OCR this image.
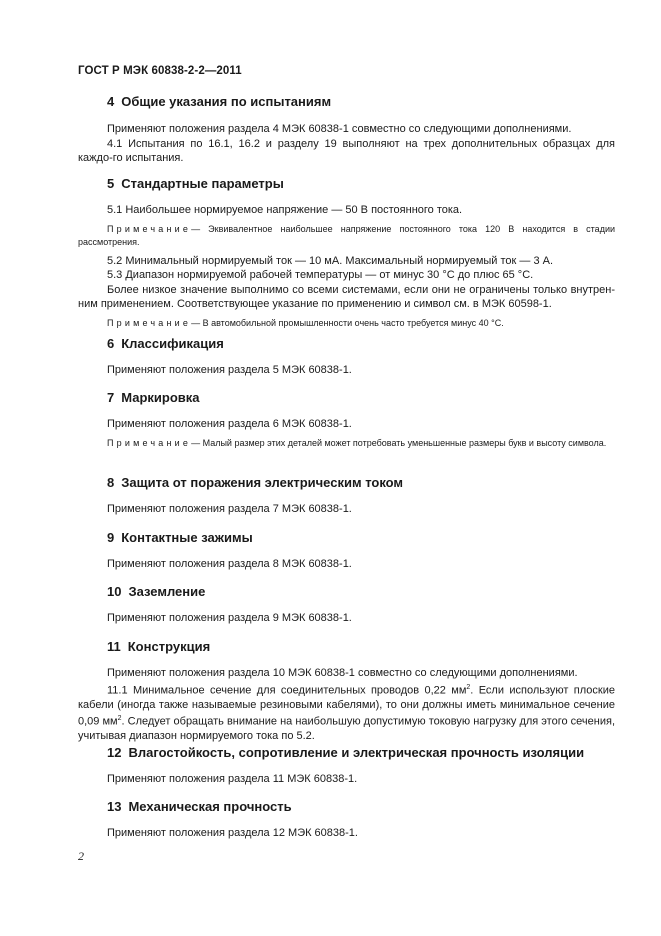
ГОСТ Р МЭК 60838-2-2—2011
4 Общие указания по испытаниям

Применяют положения раздела 4 МЭК 60838-1 совместно со следующими дополнениями.

4.1 Испытания по 16.1, 16.2 и разделу 19 выполняют на трех дополнительных образцах для каждо-го испытания.

5 Стандартные параметры

5.1 Наибольшее нормируемое напряжение — 50 В постоянного тока.

Примечание— Эквивалентное наибольшее напряжение постоянного тока 120 В находится в стадии рассмотрения.

5.2 Минимальный нормируемый ток — 10 мА. Максимальный нормируемый ток — 3 А.

5.3 Диапазон нормируемой рабочей температуры — от минус 30 °С до плюс 65 °С.

Более низкое значение выполнимо со всеми системами, если они не ограничены только внутрен-ним применением. Соответствующее указание по применению и символ см. в МЭК 60598-1.

Примечание— В автомобильной промышленности очень часто требуется минус 40 °С.

6 Классификация

Применяют положения раздела 5 МЭК 60838-1.

7 Маркировка

Применяют положения раздела 6 МЭК 60838-1.

Примечание— Малый размер этих деталей может потребовать уменьшенные размеры букв и высоту символа.

8 Защита от поражения электрическим током

Применяют положения раздела 7 МЭК 60838-1.

9 Контактные зажимы

Применяют положения раздела 8 МЭК 60838-1.

10 Заземление

Применяют положения раздела 9 МЭК 60838-1.

11 Конструкция

Применяют положения раздела 10 МЭК 60838-1 совместно со следующими дополнениями.

11.1 Минимальное сечение для соединительных проводов 0,22 $мм^2$. Если используют плоские кабели (иногда также называемые резиновыми кабелями), то они должны иметь минимальное сечение 0,09 $мм^2$. Следует обращать внимание на наибольшую допустимую токовую нагрузку для этого сечения, учитывая диапазон нормируемого тока по 5.2.

12 Влагостойкость, сопротивление и электрическая прочность изоляции

Применяют положения раздела 11 МЭК 60838-1.

13 Механическая прочность

Применяют положения раздела 12 МЭК 60838-1.

2
